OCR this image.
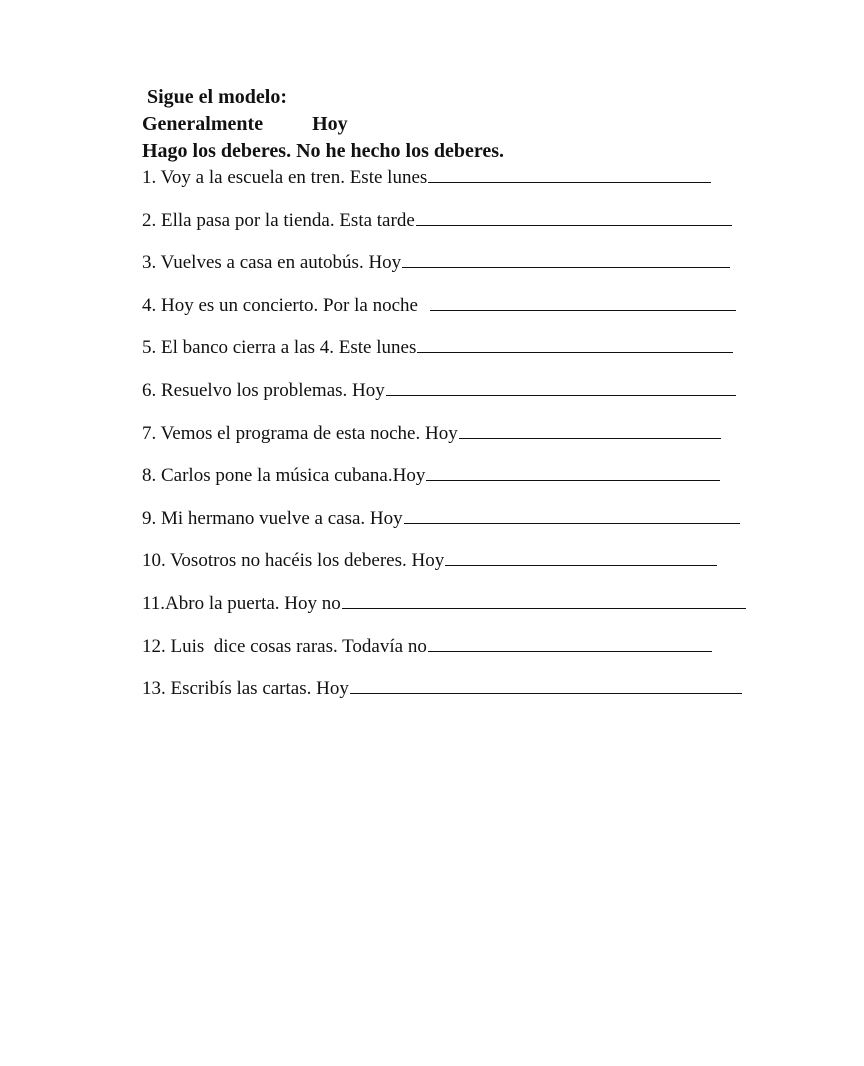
Sigue el modelo:
Generalmente Hoy
Hago los deberes. No he hecho los deberes.
1. Voy a la escuela en tren. Este lunes
2. Ella pasa por la tienda. Esta tarde
3. Vuelves a casa en autobús. Hoy
4. Hoy es un concierto. Por la noche
5. El banco cierra a las 4. Este lunes
6. Resuelvo los problemas. Hoy
7. Vemos el programa de esta noche. Hoy
8. Carlos pone la música cubana.Hoy
9. Mi hermano vuelve a casa. Hoy
10. Vosotros no hacéis los deberes. Hoy
11.Abro la puerta. Hoy no
12. Luis  dice cosas raras. Todavía no
13. Escribís las cartas. Hoy
